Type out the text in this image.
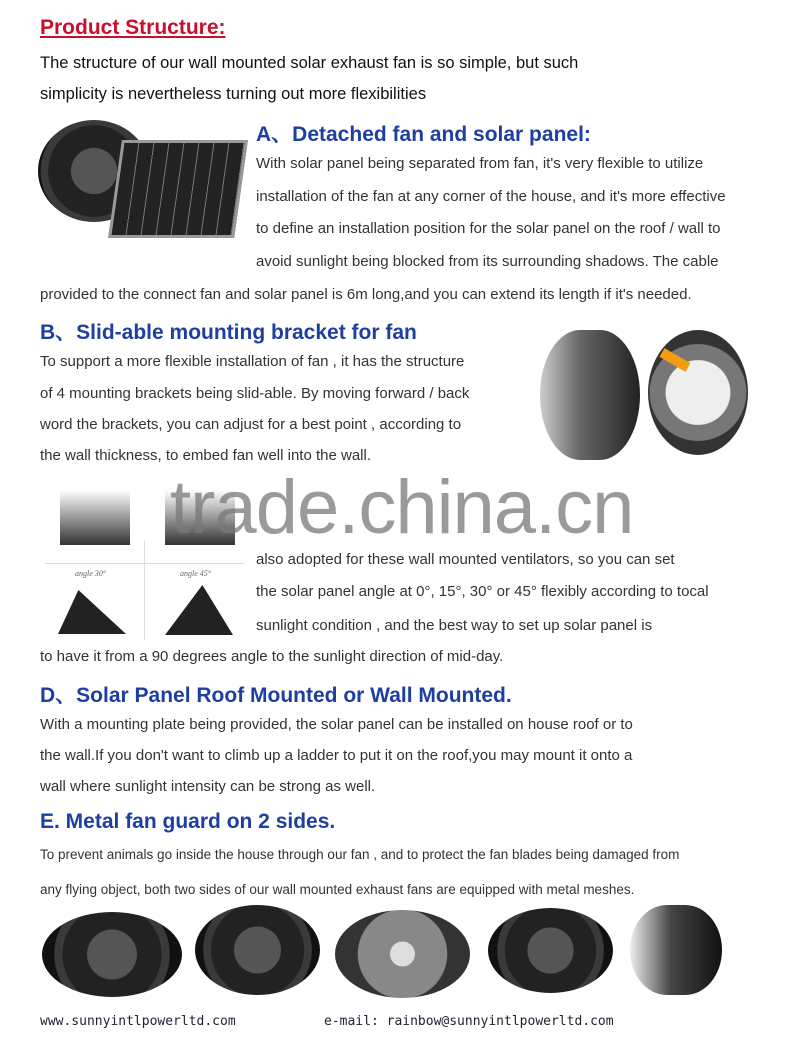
Product Structure:
The structure of our wall mounted solar exhaust fan is so simple, but such
simplicity is nevertheless turning out more flexibilities
A、Detached fan and solar panel:
With solar panel being separated from fan, it's very flexible to utilize
installation of the fan at any corner of the house, and it's more effective
to define an installation position for the solar panel on the roof / wall to
avoid sunlight being blocked from its surrounding shadows. The cable
provided to the connect fan and solar panel is 6m long,and you can extend its length if it's needed.
B、Slid-able mounting bracket for fan
To support a more flexible installation of fan , it has the structure
of 4 mounting brackets being slid-able. By moving forward / back
word the brackets, you can adjust for a best point , according to
the wall thickness, to embed fan well into the wall.
angle 30°	angle 45°
trade.china.cn
also adopted for these wall mounted ventilators, so you can set
the solar panel angle at 0°, 15°, 30° or 45° flexibly according to tocal
sunlight condition , and the best way to set up solar panel is
to have it from a 90 degrees angle to the sunlight direction of mid-day.
D、Solar Panel Roof Mounted or Wall Mounted.
With a mounting plate being provided, the solar panel can be installed on house roof or to
the wall.If you don't want to climb up a ladder to put it on the roof,you may mount it onto a
wall where sunlight intensity can be strong as well.
E. Metal fan guard on 2 sides.
To prevent animals go inside the house through our fan , and to protect the fan blades being damaged from
any flying object, both two sides of our wall mounted exhaust fans are equipped with metal meshes.
www.sunnyintlpowerltd.com	e-mail: rainbow@sunnyintlpowerltd.com
